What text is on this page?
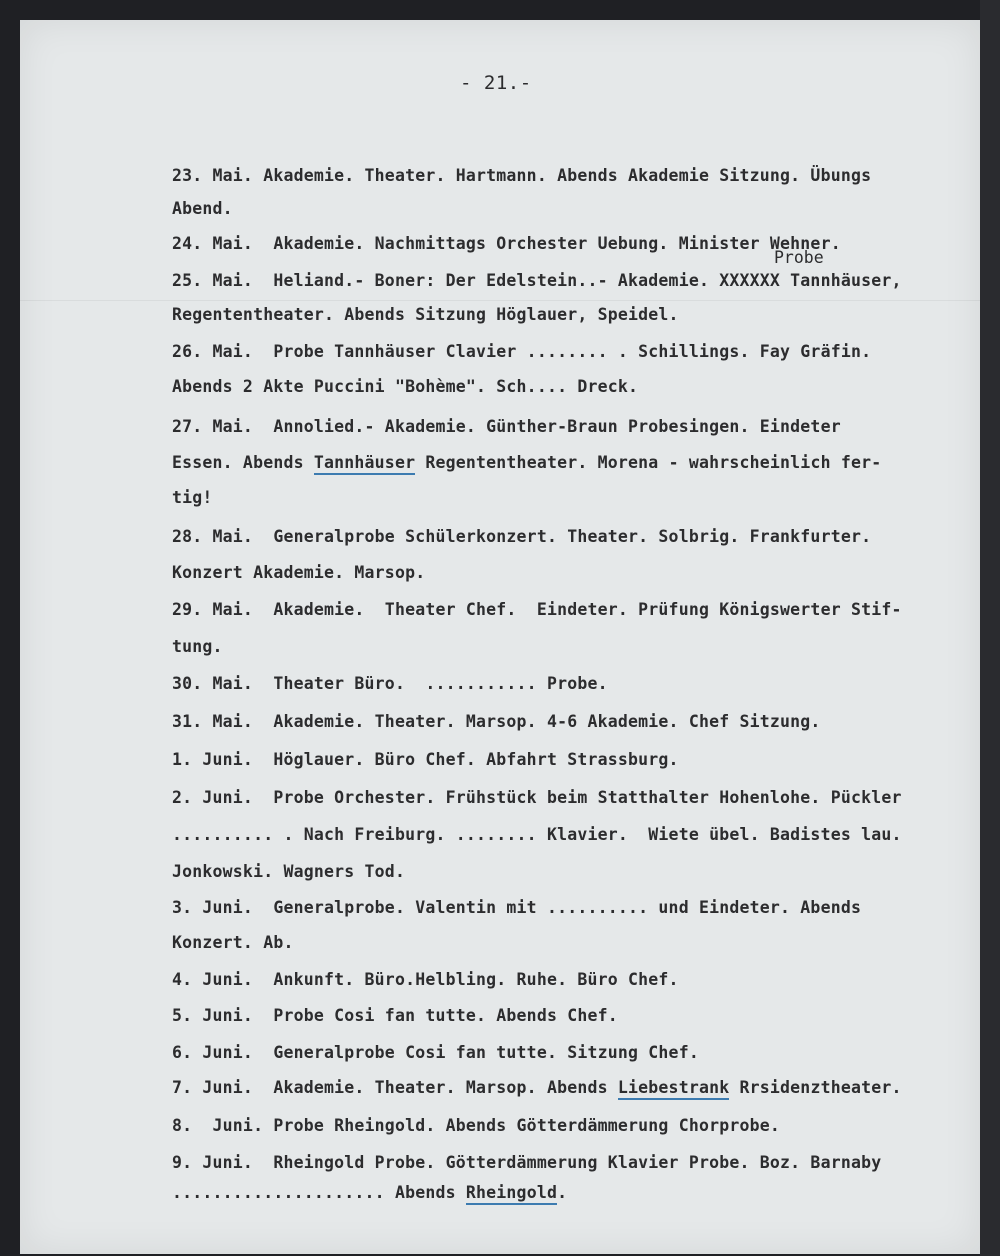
- 21.-
Probe
23. Mai. Akademie. Theater. Hartmann. Abends Akademie Sitzung. Übungs
Abend.
24. Mai.  Akademie. Nachmittags Orchester Uebung. Minister Wehner.
25. Mai.  Heliand.- Boner: Der Edelstein..- Akademie. XXXXXX Tannhäuser,
Regententheater. Abends Sitzung Höglauer, Speidel.
26. Mai.  Probe Tannhäuser Clavier ........ . Schillings. Fay Gräfin.
Abends 2 Akte Puccini "Bohème". Sch.... Dreck.
27. Mai.  Annolied.- Akademie. Günther-Braun Probesingen. Eindeter
Essen. Abends Tannhäuser Regententheater. Morena - wahrscheinlich fer-
tig!
28. Mai.  Generalprobe Schülerkonzert. Theater. Solbrig. Frankfurter.
Konzert Akademie. Marsop.
29. Mai.  Akademie.  Theater Chef.  Eindeter. Prüfung Königswerter Stif-
tung.
30. Mai.  Theater Büro.  ........... Probe.
31. Mai.  Akademie. Theater. Marsop. 4-6 Akademie. Chef Sitzung.
1. Juni.  Höglauer. Büro Chef. Abfahrt Strassburg.
2. Juni.  Probe Orchester. Frühstück beim Statthalter Hohenlohe. Pückler
.......... . Nach Freiburg. ........ Klavier.  Wiete übel. Badistes lau.
Jonkowski. Wagners Tod.
3. Juni.  Generalprobe. Valentin mit .......... und Eindeter. Abends
Konzert. Ab.
4. Juni.  Ankunft. Büro.Helbling. Ruhe. Büro Chef.
5. Juni.  Probe Cosi fan tutte. Abends Chef.
6. Juni.  Generalprobe Cosi fan tutte. Sitzung Chef.
7. Juni.  Akademie. Theater. Marsop. Abends Liebestrank Rrsidenztheater.
8.  Juni. Probe Rheingold. Abends Götterdämmerung Chorprobe.
9. Juni.  Rheingold Probe. Götterdämmerung Klavier Probe. Boz. Barnaby
..................... Abends Rheingold.
